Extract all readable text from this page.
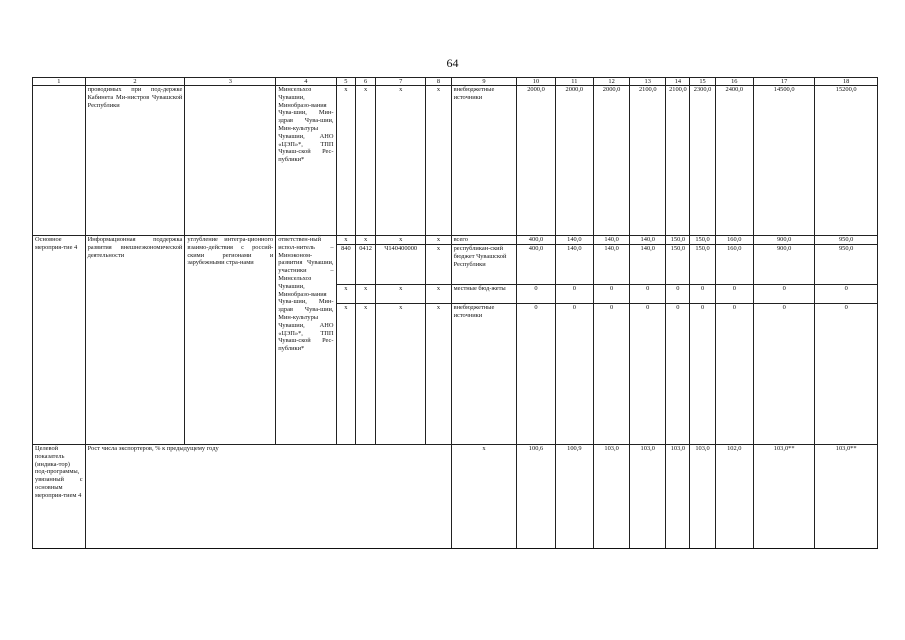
64
1	2	3	4	5	6	7	8	9	10	11	12	13	14	15	16	17	18
	проводимых при под-держке Кабинета Ми-нистров Чувашской Республики		Минсельхоз Чувашии, Минобразо-вания Чува-шии, Мин-здрав Чува-шии, Мин-культуры Чувашии, АНО «ЦЭП»*, ТПП Чуваш-ской Рес-публики*	x	x	x	x	внебюджетные источники	2000,0	2000,0	2000,0	2100,0	2100,0	2300,0	2400,0	14500,0	15200,0
Основное мероприя-тие 4	Информационная поддержка развития внешнеэкономической деятельности	углубление интегра-ционного взаимо-действия с россий-скими регионами и зарубежными стра-нами	ответствен-ный испол-нитель – Минэконом-развития Чувашии, участники – Минсельхоз Чувашии, Минобразо-вания Чува-шии, Мин-здрав Чува-шии, Мин-культуры Чувашии, АНО «ЦЭП»*, ТПП Чуваш-ской Рес-публики*	x	x	x	x	всего	400,0	140,0	140,0	140,0	150,0	150,0	160,0	900,0	950,0
				840	0412	Ч140400000	x	республикан-ский бюджет Чувашской Республики	400,0	140,0	140,0	140,0	150,0	150,0	160,0	900,0	950,0
				x	x	x	x	местные бюд-жеты	0	0	0	0	0	0	0	0	0
				x	x	x	x	внебюджетные источники	0	0	0	0	0	0	0	0	0
Целевой показатель (индика-тор) под-программы, увязанный с основным мероприя-тием 4	Рост числа экспортеров, % к предыдущему году							x	100,6	100,9	103,0	103,0	103,0	103,0	102,0	103,0**	103,0**
